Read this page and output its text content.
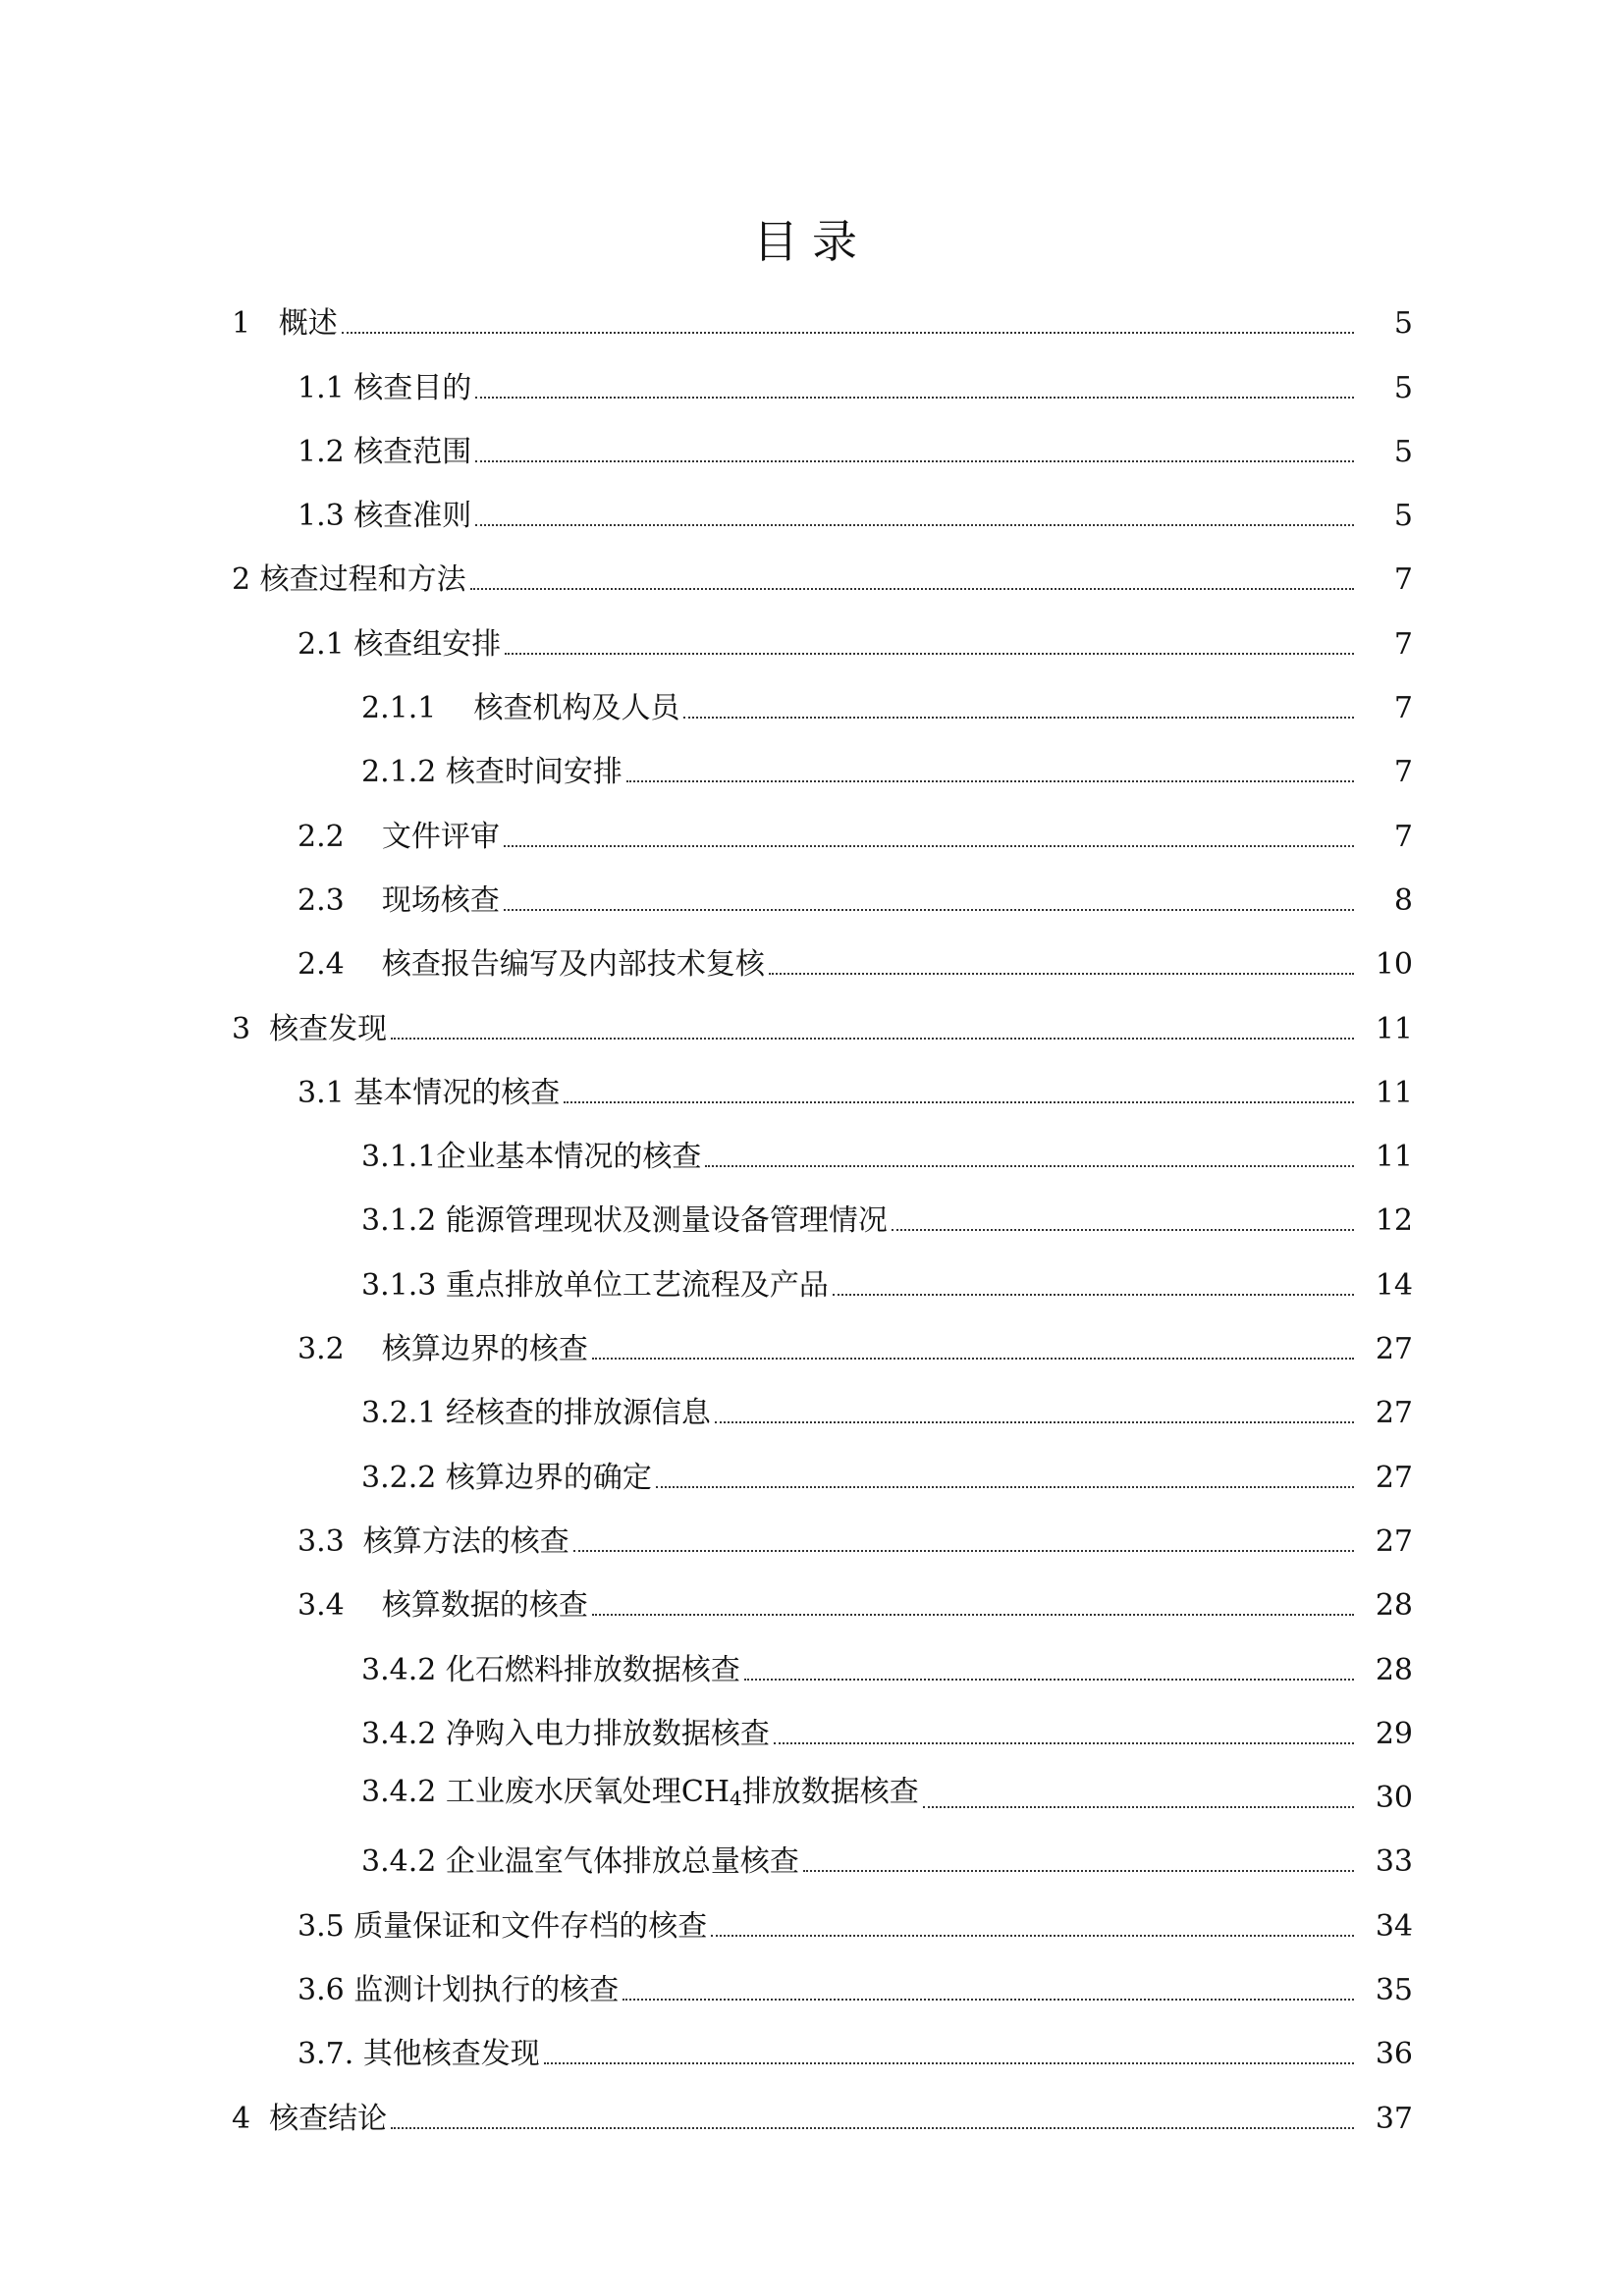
目录
1   概述	5
1.1 核查目的	5
1.2 核查范围	5
1.3 核查准则	5
2 核查过程和方法	7
2.1 核查组安排	7
2.1.1    核查机构及人员	7
2.1.2 核查时间安排	7
2.2    文件评审	7
2.3    现场核查	8
2.4    核查报告编写及内部技术复核	10
3  核查发现	11
3.1 基本情况的核查	11
3.1.1企业基本情况的核查	11
3.1.2 能源管理现状及测量设备管理情况	12
3.1.3 重点排放单位工艺流程及产品	14
3.2    核算边界的核查	27
3.2.1 经核查的排放源信息	27
3.2.2 核算边界的确定	27
3.3  核算方法的核查	27
3.4    核算数据的核查	28
3.4.2 化石燃料排放数据核查	28
3.4.2 净购入电力排放数据核查	29
3.4.2 工业废水厌氧处理$CH_4$排放数据核查	30
3.4.2 企业温室气体排放总量核查	33
3.5 质量保证和文件存档的核查	34
3.6 监测计划执行的核查	35
3.7. 其他核查发现	36
4  核查结论	37
